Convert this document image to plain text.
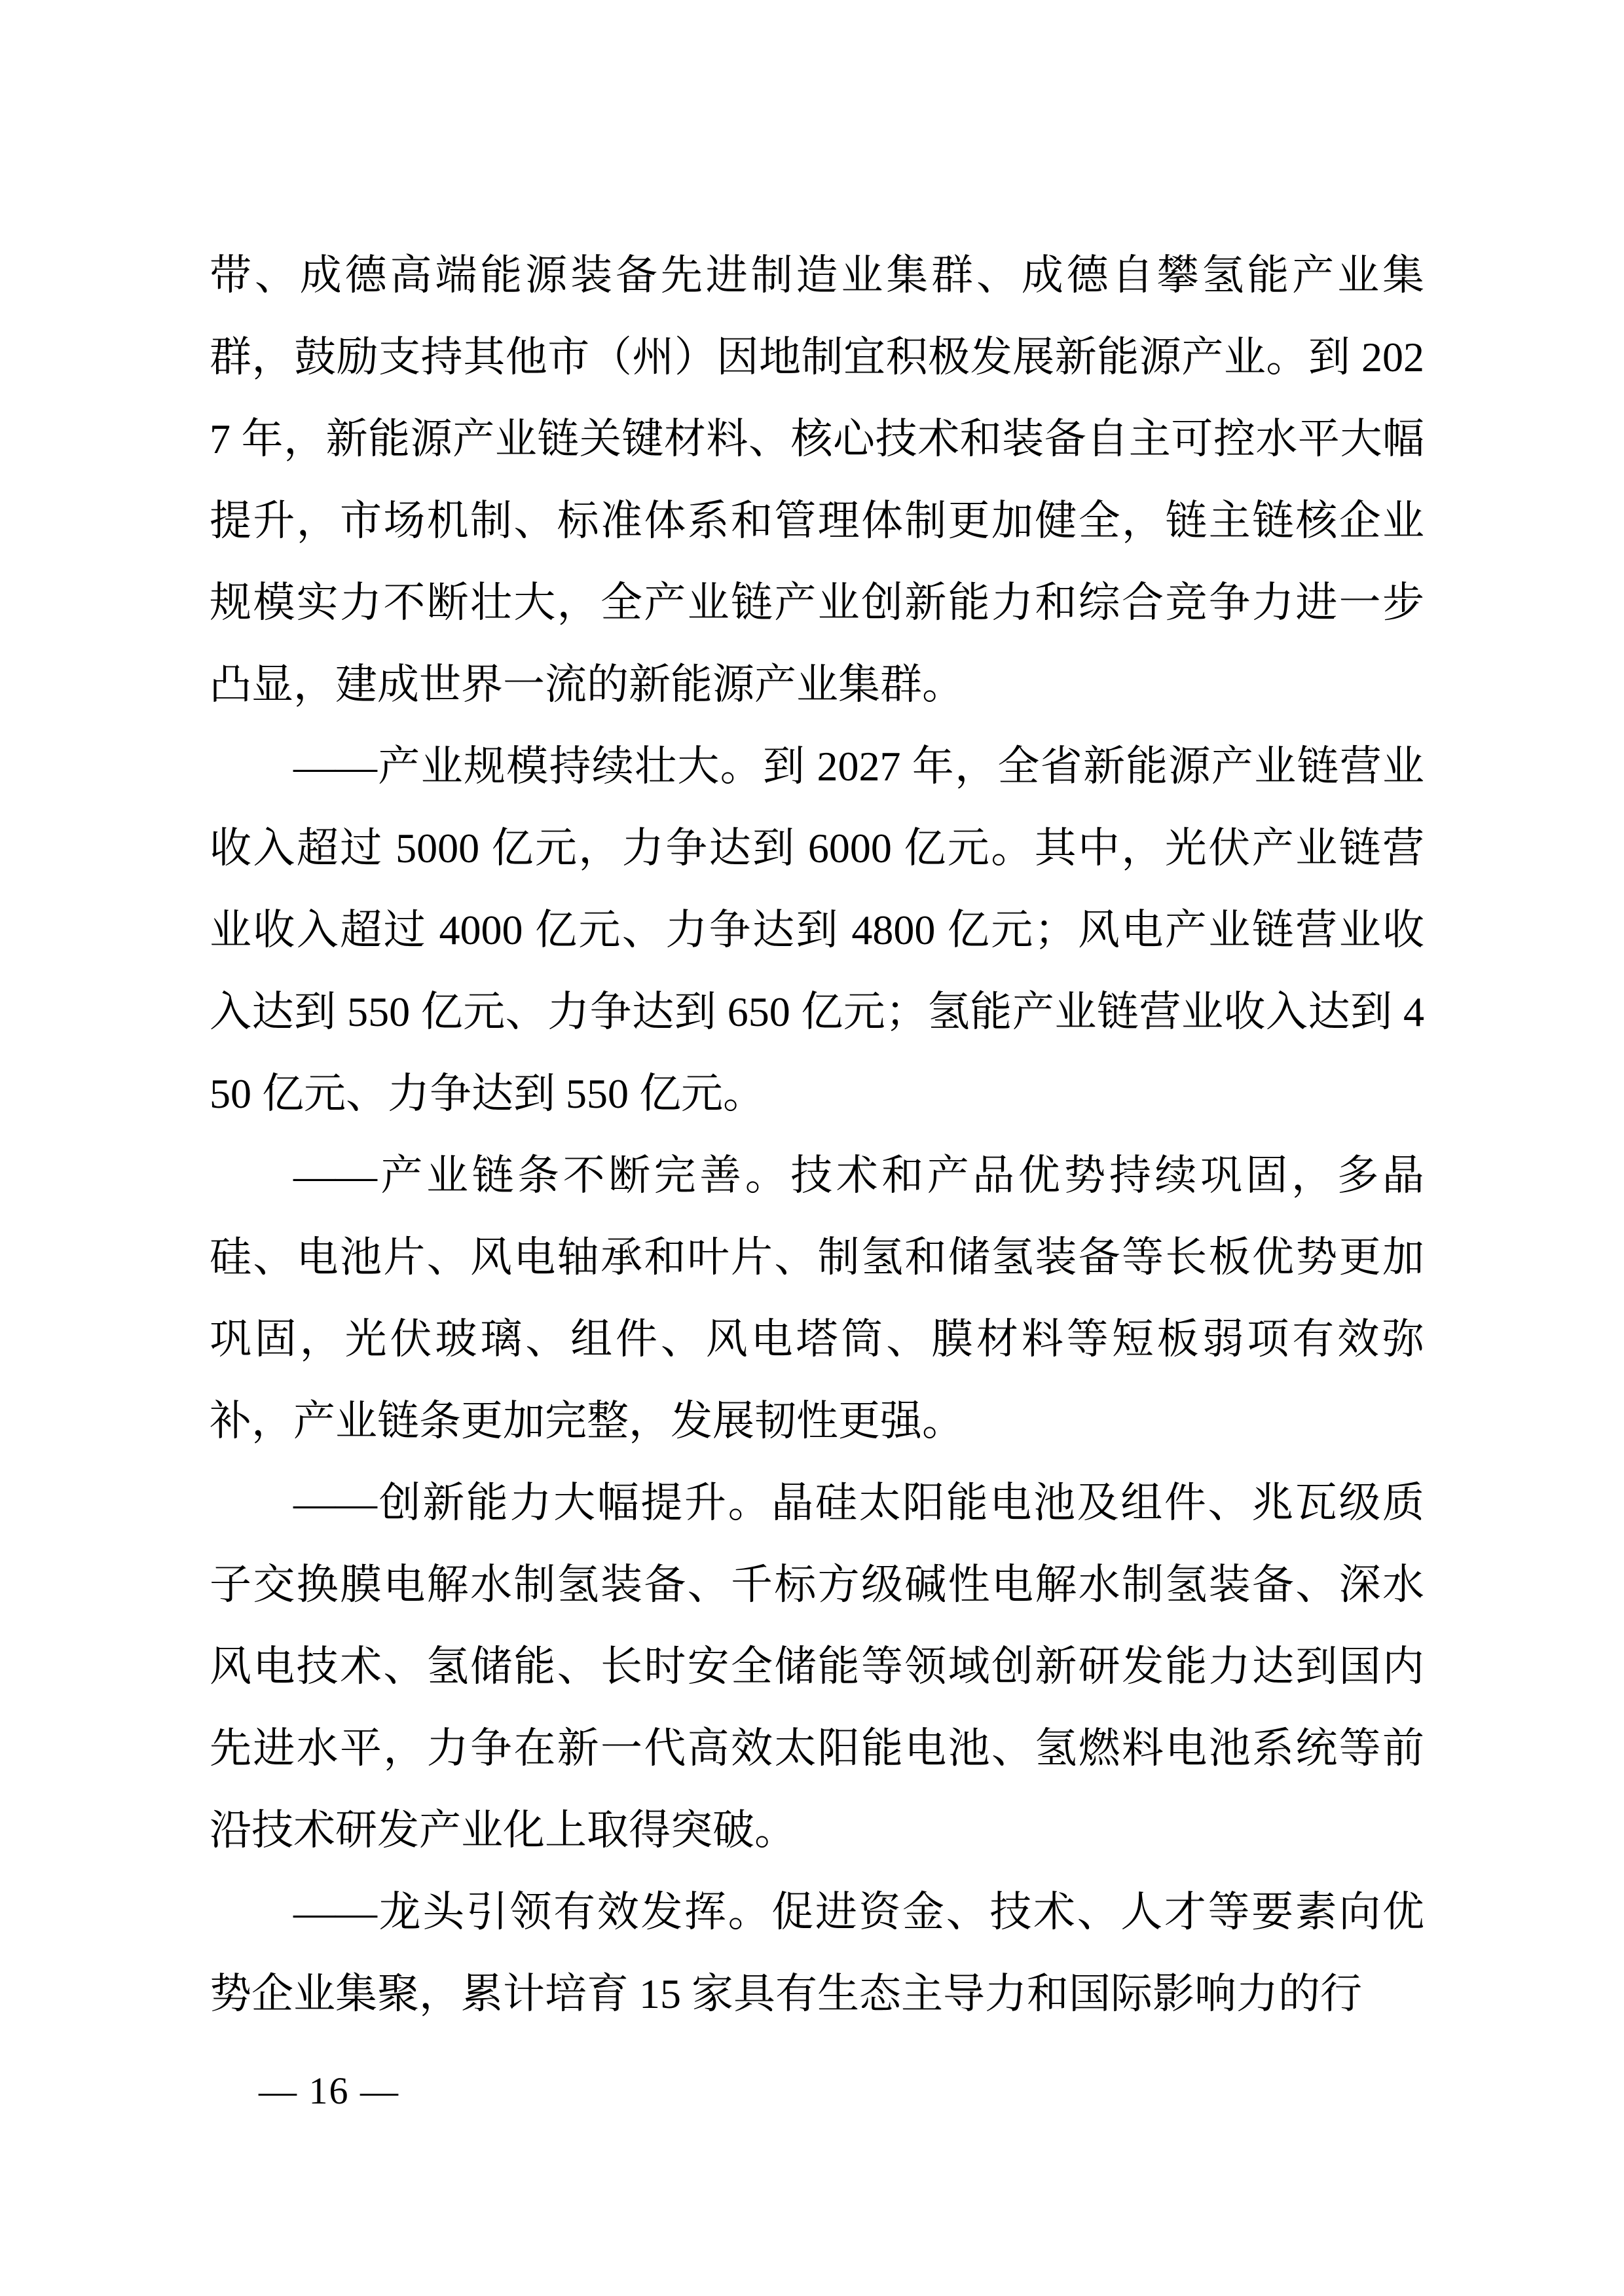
带、成德高端能源装备先进制造业集群、成德自攀氢能产业集群，鼓励支持其他市（州）因地制宜积极发展新能源产业。到 2027 年，新能源产业链关键材料、核心技术和装备自主可控水平大幅提升，市场机制、标准体系和管理体制更加健全，链主链核企业规模实力不断壮大，全产业链产业创新能力和综合竞争力进一步凸显，建成世界一流的新能源产业集群。

——产业规模持续壮大。到 2027 年，全省新能源产业链营业收入超过 5000 亿元，力争达到 6000 亿元。其中，光伏产业链营业收入超过 4000 亿元、力争达到 4800 亿元；风电产业链营业收入达到 550 亿元、力争达到 650 亿元；氢能产业链营业收入达到 450 亿元、力争达到 550 亿元。

——产业链条不断完善。技术和产品优势持续巩固，多晶硅、电池片、风电轴承和叶片、制氢和储氢装备等长板优势更加巩固，光伏玻璃、组件、风电塔筒、膜材料等短板弱项有效弥补，产业链条更加完整，发展韧性更强。

——创新能力大幅提升。晶硅太阳能电池及组件、兆瓦级质子交换膜电解水制氢装备、千标方级碱性电解水制氢装备、深水风电技术、氢储能、长时安全储能等领域创新研发能力达到国内先进水平，力争在新一代高效太阳能电池、氢燃料电池系统等前沿技术研发产业化上取得突破。

——龙头引领有效发挥。促进资金、技术、人才等要素向优势企业集聚，累计培育 15 家具有生态主导力和国际影响力的行

— 16 —
